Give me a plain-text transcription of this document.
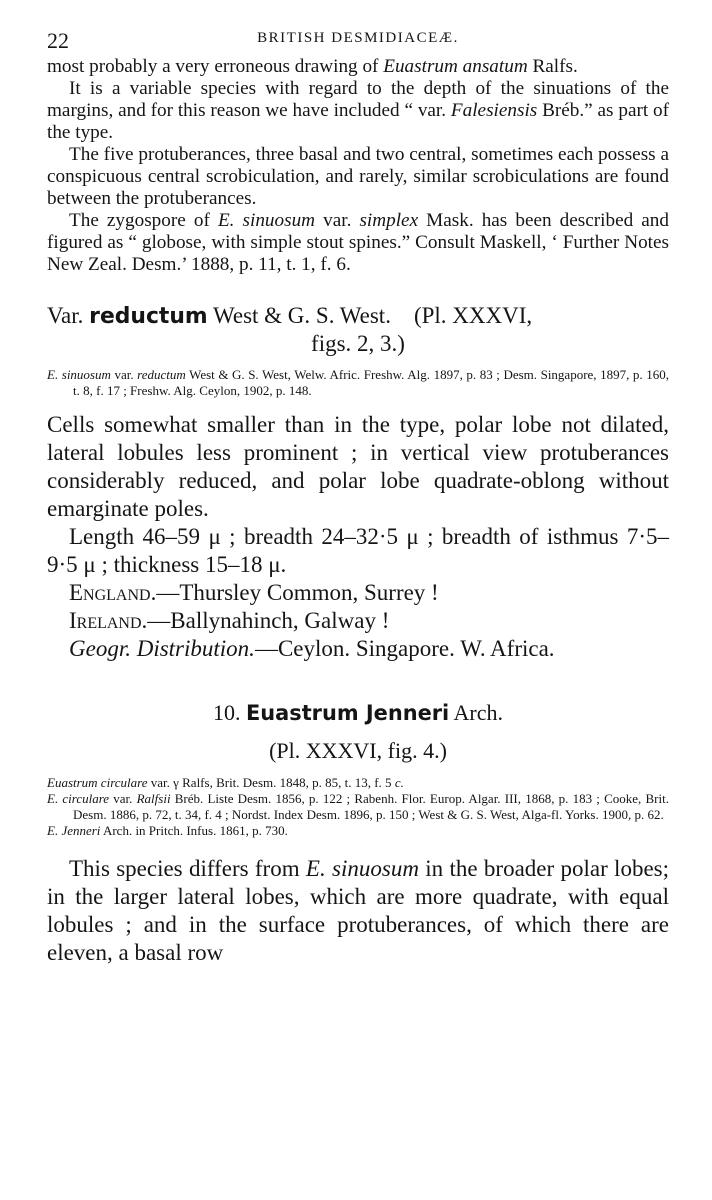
22	BRITISH DESMIDIACEÆ.

most probably a very erroneous drawing of Euastrum ansatum Ralfs.

It is a variable species with regard to the depth of the sinuations of the margins, and for this reason we have included “ var. Falesiensis Bréb.” as part of the type.

The five protuberances, three basal and two central, sometimes each possess a conspicuous central scrobiculation, and rarely, similar scrobiculations are found between the protuberances.

The zygospore of E. sinuosum var. simplex Mask. has been described and figured as “ globose, with simple stout spines.” Consult Maskell, ‘ Further Notes New Zeal. Desm.’ 1888, p. 11, t. 1, f. 6.

Var. reductum West & G. S. West. (Pl. XXXVI,

figs. 2, 3.)

E. sinuosum var. reductum West & G. S. West, Welw. Afric. Freshw. Alg. 1897, p. 83 ; Desm. Singapore, 1897, p. 160, t. 8, f. 17 ; Freshw. Alg. Ceylon, 1902, p. 148.

Cells somewhat smaller than in the type, polar lobe not dilated, lateral lobules less prominent ; in vertical view protuberances considerably reduced, and polar lobe quadrate-oblong without emarginate poles.

Length 46–59 μ ; breadth 24–32·5 μ ; breadth of isthmus 7·5–9·5 μ ; thickness 15–18 μ.

England.—Thursley Common, Surrey !

Ireland.—Ballynahinch, Galway !

Geogr. Distribution.—Ceylon. Singapore. W. Africa.

10. Euastrum Jenneri Arch.

(Pl. XXXVI, fig. 4.)

Euastrum circulare var. γ Ralfs, Brit. Desm. 1848, p. 85, t. 13, f. 5 c.

E. circulare var. Ralfsii Bréb. Liste Desm. 1856, p. 122 ; Rabenh. Flor. Europ. Algar. III, 1868, p. 183 ; Cooke, Brit. Desm. 1886, p. 72, t. 34, f. 4 ; Nordst. Index Desm. 1896, p. 150 ; West & G. S. West, Alga-fl. Yorks. 1900, p. 62.

E. Jenneri Arch. in Pritch. Infus. 1861, p. 730.

This species differs from E. sinuosum in the broader polar lobes; in the larger lateral lobes, which are more quadrate, with equal lobules ; and in the surface protuberances, of which there are eleven, a basal row
